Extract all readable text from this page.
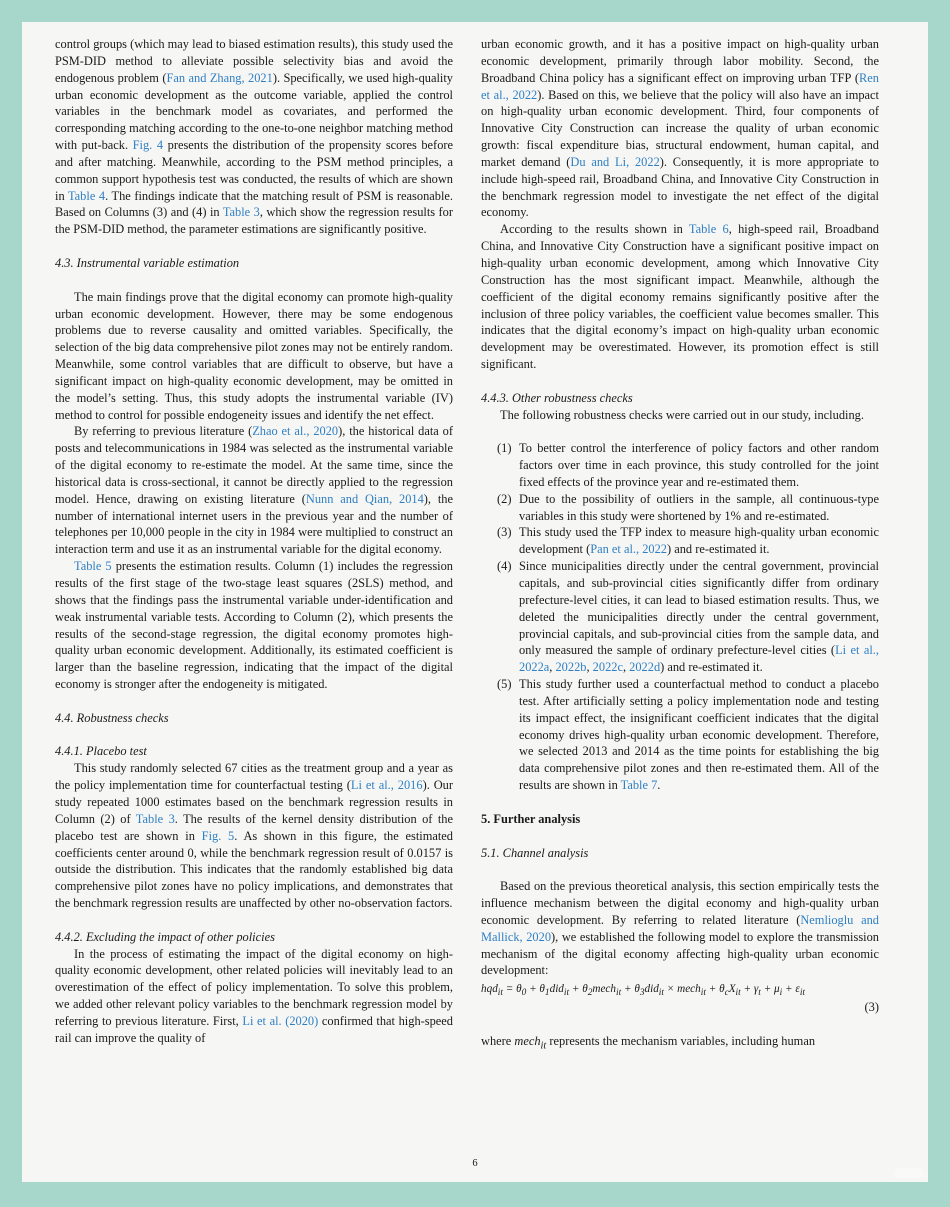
control groups (which may lead to biased estimation results), this study used the PSM-DID method to alleviate possible selectivity bias and avoid the endogenous problem (Fan and Zhang, 2021). Specifically, we used high-quality urban economic development as the outcome variable, applied the control variables in the benchmark model as covariates, and performed the corresponding matching according to the one-to-one neighbor matching method with put-back. Fig. 4 presents the distribution of the propensity scores before and after matching. Meanwhile, according to the PSM method principles, a common support hypothesis test was conducted, the results of which are shown in Table 4. The findings indicate that the matching result of PSM is reasonable. Based on Columns (3) and (4) in Table 3, which show the regression results for the PSM-DID method, the parameter estimations are significantly positive.

4.3. Instrumental variable estimation

The main findings prove that the digital economy can promote high-quality urban economic development. However, there may be some endogenous problems due to reverse causality and omitted variables. Specifically, the selection of the big data comprehensive pilot zones may not be entirely random. Meanwhile, some control variables that are difficult to observe, but have a significant impact on high-quality economic development, may be omitted in the model’s setting. Thus, this study adopts the instrumental variable (IV) method to control for possible endogeneity issues and identify the net effect.

By referring to previous literature (Zhao et al., 2020), the historical data of posts and telecommunications in 1984 was selected as the instrumental variable of the digital economy to re-estimate the model. At the same time, since the historical data is cross-sectional, it cannot be directly applied to the regression model. Hence, drawing on existing literature (Nunn and Qian, 2014), the number of international internet users in the previous year and the number of telephones per 10,000 people in the city in 1984 were multiplied to construct an interaction term and use it as an instrumental variable for the digital economy.

Table 5 presents the estimation results. Column (1) includes the regression results of the first stage of the two-stage least squares (2SLS) method, and shows that the findings pass the instrumental variable under-identification and weak instrumental variable tests. According to Column (2), which presents the results of the second-stage regression, the digital economy promotes high-quality urban economic development. Additionally, its estimated coefficient is larger than the baseline regression, indicating that the impact of the digital economy is stronger after the endogeneity is mitigated.

4.4. Robustness checks

4.4.1. Placebo test

This study randomly selected 67 cities as the treatment group and a year as the policy implementation time for counterfactual testing (Li et al., 2016). Our study repeated 1000 estimates based on the benchmark regression results in Column (2) of Table 3. The results of the kernel density distribution of the placebo test are shown in Fig. 5. As shown in this figure, the estimated coefficients center around 0, while the benchmark regression result of 0.0157 is outside the distribution. This indicates that the randomly established big data comprehensive pilot zones have no policy implications, and demonstrates that the benchmark regression results are unaffected by other no-observation factors.

4.4.2. Excluding the impact of other policies

In the process of estimating the impact of the digital economy on high-quality economic development, other related policies will inevitably lead to an overestimation of the effect of policy implementation. To solve this problem, we added other relevant policy variables to the benchmark regression model by referring to previous literature. First, Li et al. (2020) confirmed that high-speed rail can improve the quality of

urban economic growth, and it has a positive impact on high-quality urban economic development, primarily through labor mobility. Second, the Broadband China policy has a significant effect on improving urban TFP (Ren et al., 2022). Based on this, we believe that the policy will also have an impact on high-quality urban economic development. Third, four components of Innovative City Construction can increase the quality of urban economic growth: fiscal expenditure bias, structural endowment, human capital, and market demand (Du and Li, 2022). Consequently, it is more appropriate to include high-speed rail, Broadband China, and Innovative City Construction in the benchmark regression model to investigate the net effect of the digital economy.

According to the results shown in Table 6, high-speed rail, Broadband China, and Innovative City Construction have a significant positive impact on high-quality urban economic development, among which Innovative City Construction has the most significant impact. Meanwhile, although the coefficient of the digital economy remains significantly positive after the inclusion of three policy variables, the coefficient value becomes smaller. This indicates that the digital economy’s impact on high-quality urban economic development may be overestimated. However, its promotion effect is still significant.

4.4.3. Other robustness checks

The following robustness checks were carried out in our study, including.

(1) To better control the interference of policy factors and other random factors over time in each province, this study controlled for the joint fixed effects of the province year and re-estimated them.
(2) Due to the possibility of outliers in the sample, all continuous-type variables in this study were shortened by 1% and re-estimated.
(3) This study used the TFP index to measure high-quality urban economic development (Pan et al., 2022) and re-estimated it.
(4) Since municipalities directly under the central government, provincial capitals, and sub-provincial cities significantly differ from ordinary prefecture-level cities, it can lead to biased estimation results. Thus, we deleted the municipalities directly under the central government, provincial capitals, and sub-provincial cities from the sample data, and only measured the sample of ordinary prefecture-level cities (Li et al., 2022a, 2022b, 2022c, 2022d) and re-estimated it.
(5) This study further used a counterfactual method to conduct a placebo test. After artificially setting a policy implementation node and testing its impact effect, the insignificant coefficient indicates that the digital economy drives high-quality urban economic development. Therefore, we selected 2013 and 2014 as the time points for establishing the big data comprehensive pilot zones and then re-estimated them. All of the results are shown in Table 7.

5. Further analysis

5.1. Channel analysis

Based on the previous theoretical analysis, this section empirically tests the influence mechanism between the digital economy and high-quality urban economic development. By referring to related literature (Nemlioglu and Mallick, 2020), we established the following model to explore the transmission mechanism of the digital economy affecting high-quality urban economic development:

$hqd_{it} = \theta_0 + \theta_1did_{it}$ + $\theta_2mech_{it} + \theta_3did_{it}$ × mech$_{it}$ + $\theta_cX_{it} + \gamma_t + \mu_i + \varepsilon_{it}$
(3)

where mech$_{it}$ represents the mechanism variables, including human

6
